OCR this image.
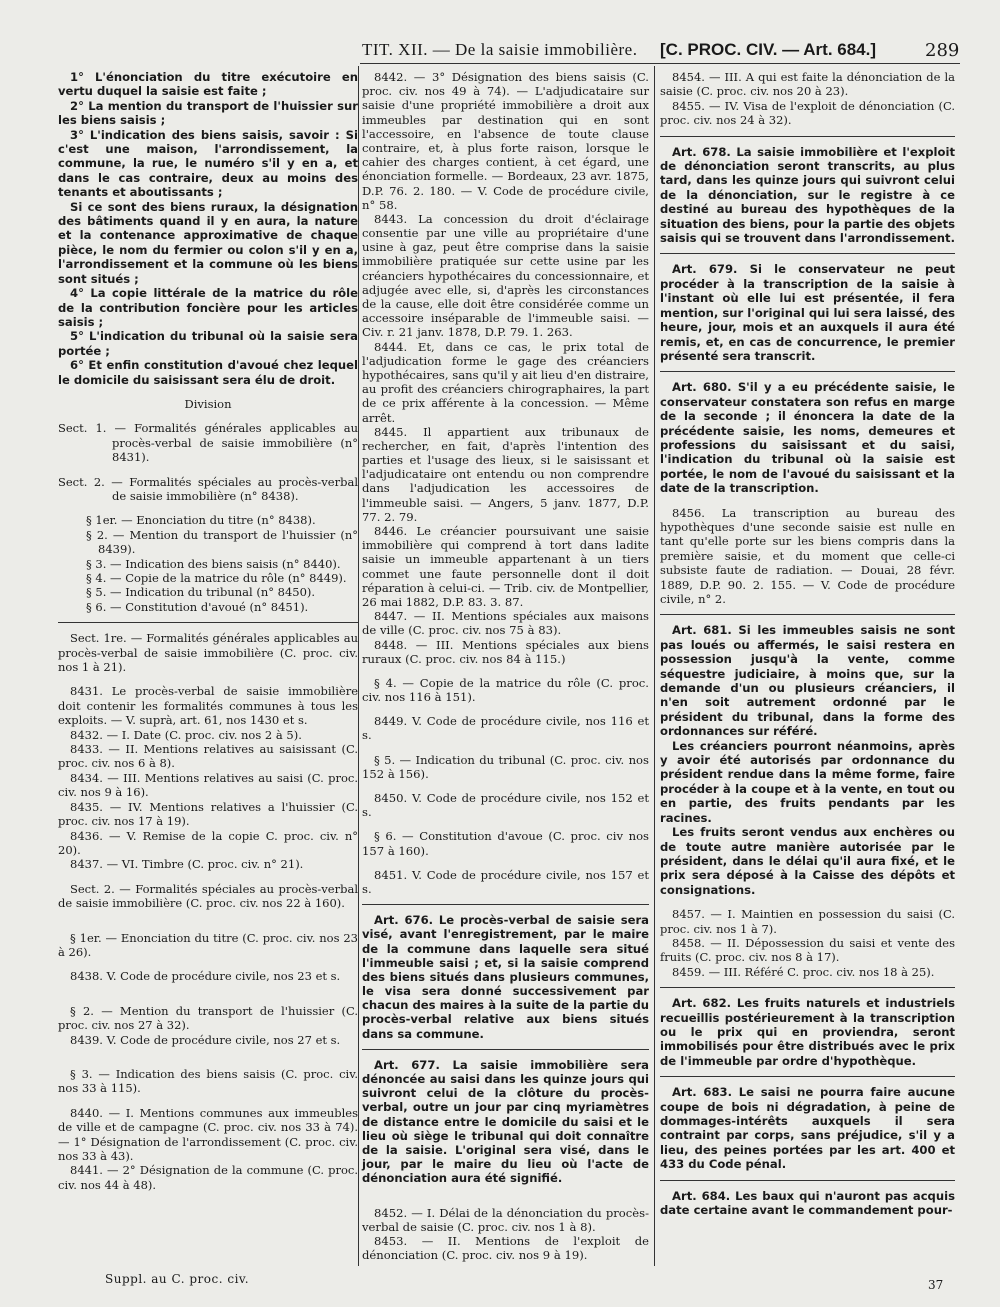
TIT. XII. — De la saisie immobilière. [C. PROC. CIV. — Art. 684.]	289

1° L'énonciation du titre exécutoire en vertu duquel la saisie est faite ;

2° La mention du transport de l'huissier sur les biens saisis ;

3° L'indication des biens saisis, savoir : Si c'est une maison, l'arrondissement, la commune, la rue, le numéro s'il y en a, et dans le cas contraire, deux au moins des tenants et aboutissants ;

Si ce sont des biens ruraux, la désignation des bâtiments quand il y en aura, la nature et la contenance approximative de chaque pièce, le nom du fermier ou colon s'il y en a, l'arrondissement et la commune où les biens sont situés ;

4° La copie littérale de la matrice du rôle de la contribution foncière pour les articles saisis ;

5° L'indication du tribunal où la saisie sera portée ;

6° Et enfin constitution d'avoué chez lequel le domicile du saisissant sera élu de droit.

Division

Sect. 1. — Formalités générales applicables au procès-verbal de saisie immobilière (n° 8431).

Sect. 2. — Formalités spéciales au procès-verbal de saisie immobilière (n° 8438).

§ 1er. — Enonciation du titre (n° 8438).

§ 2. — Mention du transport de l'huissier (n° 8439).

§ 3. — Indication des biens saisis (n° 8440).

§ 4. — Copie de la matrice du rôle (n° 8449).

§ 5. — Indication du tribunal (n° 8450).

§ 6. — Constitution d'avoué (n° 8451).

Sect. 1re. — Formalités générales applicables au procès-verbal de saisie immobilière (C. proc. civ. nos 1 à 21).

8431. Le procès-verbal de saisie immobilière doit contenir les formalités communes à tous les exploits. — V. suprà, art. 61, nos 1430 et s.

8432. — I. Date (C. proc. civ. nos 2 à 5).

8433. — II. Mentions relatives au saisissant (C. proc. civ. nos 6 à 8).

8434. — III. Mentions relatives au saisi (C. proc. civ. nos 9 à 16).

8435. — IV. Mentions relatives a l'huissier (C. proc. civ. nos 17 à 19).

8436. — V. Remise de la copie C. proc. civ. n° 20).

8437. — VI. Timbre (C. proc. civ. n° 21).

Sect. 2. — Formalités spéciales au procès-verbal de saisie immobilière (C. proc. civ. nos 22 à 160).

§ 1er. — Enonciation du titre (C. proc. civ. nos 23 à 26).

8438. V. Code de procédure civile, nos 23 et s.

§ 2. — Mention du transport de l'huissier (C. proc. civ. nos 27 à 32).

8439. V. Code de procédure civile, nos 27 et s.

§ 3. — Indication des biens saisis (C. proc. civ. nos 33 à 115).

8440. — I. Mentions communes aux immeubles de ville et de campagne (C. proc. civ. nos 33 à 74). — 1° Désignation de l'arrondissement (C. proc. civ. nos 33 à 43).

8441. — 2° Désignation de la commune (C. proc. civ. nos 44 à 48).

8442. — 3° Désignation des biens saisis (C. proc. civ. nos 49 à 74). — L'adjudicataire sur saisie d'une propriété immobilière a droit aux immeubles par destination qui en sont l'accessoire, en l'absence de toute clause contraire, et, à plus forte raison, lorsque le cahier des charges contient, à cet égard, une énonciation formelle. — Bordeaux, 23 avr. 1875, D.P. 76. 2. 180. — V. Code de procédure civile, n° 58.

8443. La concession du droit d'éclairage consentie par une ville au propriétaire d'une usine à gaz, peut être comprise dans la saisie immobilière pratiquée sur cette usine par les créanciers hypothécaires du concessionnaire, et adjugée avec elle, si, d'après les circonstances de la cause, elle doit être considérée comme un accessoire inséparable de l'immeuble saisi. — Civ. r. 21 janv. 1878, D.P. 79. 1. 263.

8444. Et, dans ce cas, le prix total de l'adjudication forme le gage des créanciers hypothécaires, sans qu'il y ait lieu d'en distraire, au profit des créanciers chirographaires, la part de ce prix afférente à la concession. — Même arrêt.

8445. Il appartient aux tribunaux de rechercher, en fait, d'après l'intention des parties et l'usage des lieux, si le saisissant et l'adjudicataire ont entendu ou non comprendre dans l'adjudication les accessoires de l'immeuble saisi. — Angers, 5 janv. 1877, D.P. 77. 2. 79.

8446. Le créancier poursuivant une saisie immobilière qui comprend à tort dans ladite saisie un immeuble appartenant à un tiers commet une faute personnelle dont il doit réparation à celui-ci. — Trib. civ. de Montpellier, 26 mai 1882, D.P. 83. 3. 87.

8447. — II. Mentions spéciales aux maisons de ville (C. proc. civ. nos 75 à 83).

8448. — III. Mentions spéciales aux biens ruraux (C. proc. civ. nos 84 à 115.)

§ 4. — Copie de la matrice du rôle (C. proc. civ. nos 116 à 151).

8449. V. Code de procédure civile, nos 116 et s.

§ 5. — Indication du tribunal (C. proc. civ. nos 152 à 156).

8450. V. Code de procédure civile, nos 152 et s.

§ 6. — Constitution d'avoue (C. proc. civ nos 157 à 160).

8451. V. Code de procédure civile, nos 157 et s.

Art. 676. Le procès-verbal de saisie sera visé, avant l'enregistrement, par le maire de la commune dans laquelle sera situé l'immeuble saisi ; et, si la saisie comprend des biens situés dans plusieurs communes, le visa sera donné successivement par chacun des maires à la suite de la partie du procès-verbal relative aux biens situés dans sa commune.

Art. 677. La saisie immobilière sera dénoncée au saisi dans les quinze jours qui suivront celui de la clôture du procès-verbal, outre un jour par cinq myriamètres de distance entre le domicile du saisi et le lieu où siège le tribunal qui doit connaître de la saisie. L'original sera visé, dans le jour, par le maire du lieu où l'acte de dénonciation aura été signifié.

8452. — I. Délai de la dénonciation du procès-verbal de saisie (C. proc. civ. nos 1 à 8).

8453. — II. Mentions de l'exploit de dénonciation (C. proc. civ. nos 9 à 19).

8454. — III. A qui est faite la dénonciation de la saisie (C. proc. civ. nos 20 à 23).

8455. — IV. Visa de l'exploit de dénonciation (C. proc. civ. nos 24 à 32).

Art. 678. La saisie immobilière et l'exploit de dénonciation seront transcrits, au plus tard, dans les quinze jours qui suivront celui de la dénonciation, sur le registre à ce destiné au bureau des hypothèques de la situation des biens, pour la partie des objets saisis qui se trouvent dans l'arrondissement.

Art. 679. Si le conservateur ne peut procéder à la transcription de la saisie à l'instant où elle lui est présentée, il fera mention, sur l'original qui lui sera laissé, des heure, jour, mois et an auxquels il aura été remis, et, en cas de concurrence, le premier présenté sera transcrit.

Art. 680. S'il y a eu précédente saisie, le conservateur constatera son refus en marge de la seconde ; il énoncera la date de la précédente saisie, les noms, demeures et professions du saisissant et du saisi, l'indication du tribunal où la saisie est portée, le nom de l'avoué du saisissant et la date de la transcription.

8456. La transcription au bureau des hypothèques d'une seconde saisie est nulle en tant qu'elle porte sur les biens compris dans la première saisie, et du moment que celle-ci subsiste faute de radiation. — Douai, 28 févr. 1889, D.P. 90. 2. 155. — V. Code de procédure civile, n° 2.

Art. 681. Si les immeubles saisis ne sont pas loués ou affermés, le saisi restera en possession jusqu'à la vente, comme séquestre judiciaire, à moins que, sur la demande d'un ou plusieurs créanciers, il n'en soit autrement ordonné par le président du tribunal, dans la forme des ordonnances sur référé.

Les créanciers pourront néanmoins, après y avoir été autorisés par ordonnance du président rendue dans la même forme, faire procéder à la coupe et à la vente, en tout ou en partie, des fruits pendants par les racines.

Les fruits seront vendus aux enchères ou de toute autre manière autorisée par le président, dans le délai qu'il aura fixé, et le prix sera déposé à la Caisse des dépôts et consignations.

8457. — I. Maintien en possession du saisi (C. proc. civ. nos 1 à 7).

8458. — II. Dépossession du saisi et vente des fruits (C. proc. civ. nos 8 à 17).

8459. — III. Référé C. proc. civ. nos 18 à 25).

Art. 682. Les fruits naturels et industriels recueillis postérieurement à la transcription ou le prix qui en proviendra, seront immobilisés pour être distribués avec le prix de l'immeuble par ordre d'hypothèque.

Art. 683. Le saisi ne pourra faire aucune coupe de bois ni dégradation, à peine de dommages-intérêts auxquels il sera contraint par corps, sans préjudice, s'il y a lieu, des peines portées par les art. 400 et 433 du Code pénal.

Art. 684. Les baux qui n'auront pas acquis date certaine avant le commandement pour-

Suppl. au C. proc. civ.	37
